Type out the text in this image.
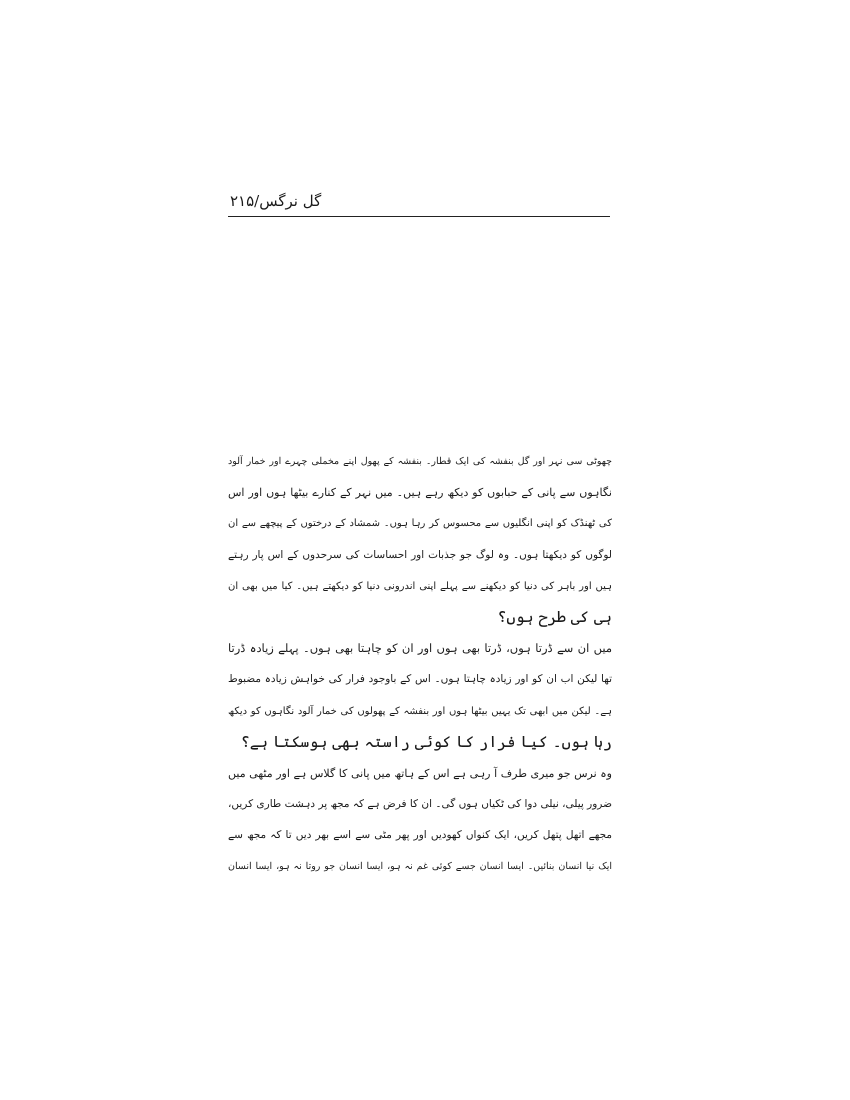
گل نرگس/۲۱۵
چھوٹی سی نہر اور گل بنفشہ کی ایک قطار۔ بنفشہ کے پھول اپنے مخملی چہرے اور خمار آلود
نگاہوں سے پانی کے حبابوں کو دیکھ رہے ہیں۔ میں نہر کے کنارے بیٹھا ہوں اور اس
کی ٹھنڈک کو اپنی انگلیوں سے محسوس کر رہا ہوں۔ شمشاد کے درختوں کے پیچھے سے ان
لوگوں کو دیکھتا ہوں۔ وہ لوگ جو جذبات اور احساسات کی سرحدوں کے اس پار رہتے
ہیں اور باہر کی دنیا کو دیکھنے سے پہلے اپنی اندرونی دنیا کو دیکھتے ہیں۔ کیا میں بھی ان
ہی کی طرح ہوں؟
میں ان سے ڈرتا ہوں، ڈرتا بھی ہوں اور ان کو چاہتا بھی ہوں۔ پہلے زیادہ ڈرتا
تھا لیکن اب ان کو اور زیادہ چاہتا ہوں۔ اس کے باوجود فرار کی خواہش زیادہ مضبوط
ہے۔ لیکن میں ابھی تک یہیں بیٹھا ہوں اور بنفشہ کے پھولوں کی خمار آلود نگاہوں کو دیکھ
رہا ہوں۔ کیا فرار کا کوئی راستہ بھی ہوسکتا ہے؟
وہ نرس جو میری طرف آ رہی ہے اس کے ہاتھ میں پانی کا گلاس ہے اور مٹھی میں
ضرور پیلی، نیلی دوا کی ٹکیاں ہوں گی۔ ان کا فرض ہے کہ مجھ پر دہشت طاری کریں،
مجھے اتھل پتھل کریں، ایک کنواں کھودیں اور پھر مٹی سے اسے بھر دیں تا کہ مجھ سے
ایک نیا انسان بنائیں۔ ایسا انسان جسے کوئی غم نہ ہو، ایسا انسان جو روتا نہ ہو، ایسا انسان
